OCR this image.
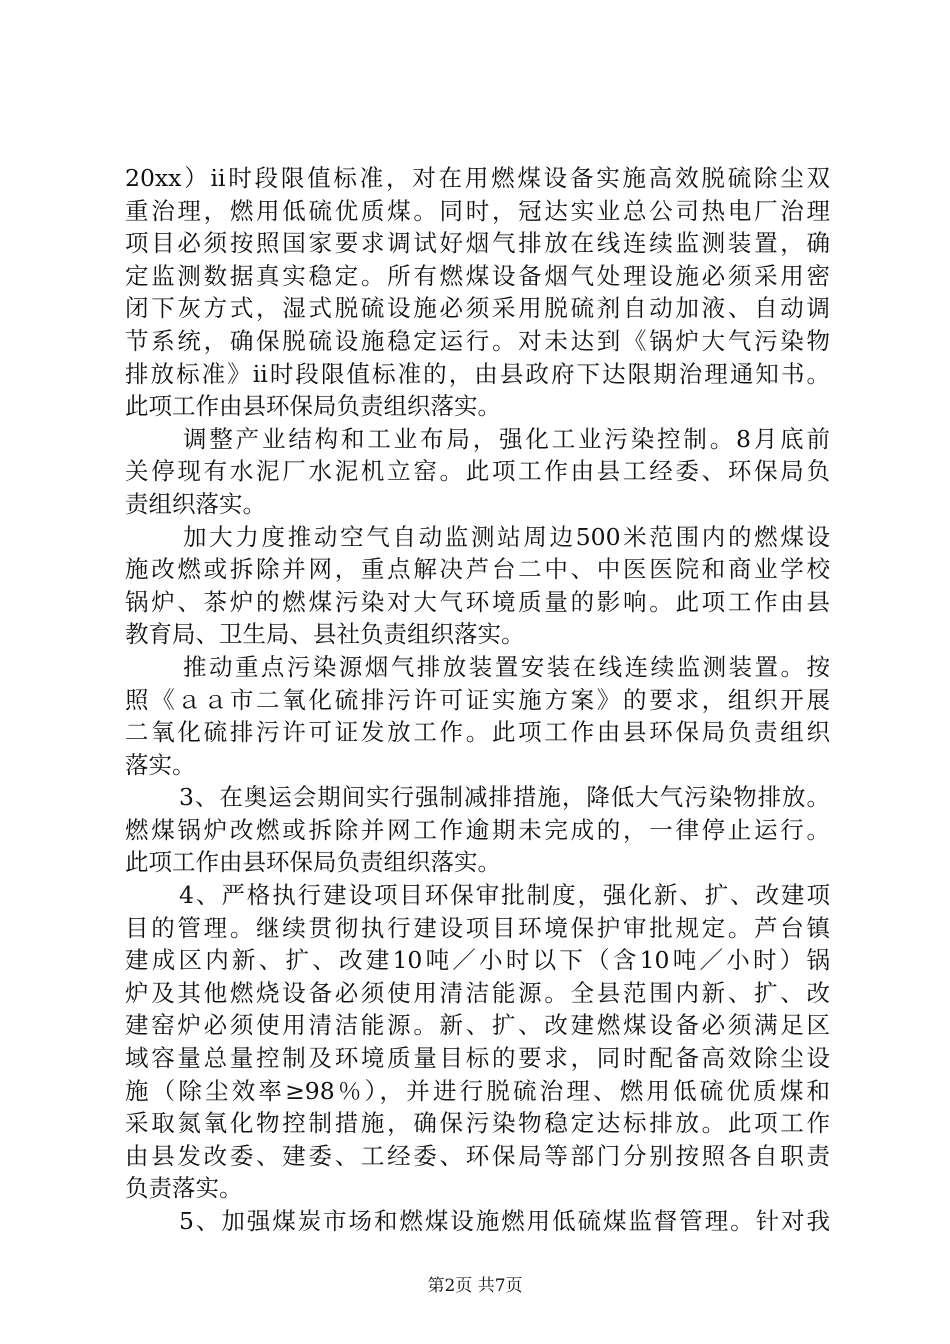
20xx）ⅱ时段限值标准，对在用燃煤设备实施高效脱硫除尘双
重治理，燃用低硫优质煤。同时，冠达实业总公司热电厂治理
项目必须按照国家要求调试好烟气排放在线连续监测装置，确
定监测数据真实稳定。所有燃煤设备烟气处理设施必须采用密
闭下灰方式，湿式脱硫设施必须采用脱硫剂自动加液、自动调
节系统，确保脱硫设施稳定运行。对未达到《锅炉大气污染物
排放标准》ⅱ时段限值标准的，由县政府下达限期治理通知书。
此项工作由县环保局负责组织落实。
调整产业结构和工业布局，强化工业污染控制。8月底前
关停现有水泥厂水泥机立窑。此项工作由县工经委、环保局负
责组织落实。
加大力度推动空气自动监测站周边500米范围内的燃煤设
施改燃或拆除并网，重点解决芦台二中、中医医院和商业学校
锅炉、茶炉的燃煤污染对大气环境质量的影响。此项工作由县
教育局、卫生局、县社负责组织落实。
推动重点污染源烟气排放装置安装在线连续监测装置。按
照《ａａ市二氧化硫排污许可证实施方案》的要求，组织开展
二氧化硫排污许可证发放工作。此项工作由县环保局负责组织
落实。
3、在奥运会期间实行强制减排措施，降低大气污染物排放。
燃煤锅炉改燃或拆除并网工作逾期未完成的，一律停止运行。
此项工作由县环保局负责组织落实。
4、严格执行建设项目环保审批制度，强化新、扩、改建项
目的管理。继续贯彻执行建设项目环境保护审批规定。芦台镇
建成区内新、扩、改建10吨／小时以下（含10吨／小时）锅
炉及其他燃烧设备必须使用清洁能源。全县范围内新、扩、改
建窑炉必须使用清洁能源。新、扩、改建燃煤设备必须满足区
域容量总量控制及环境质量目标的要求，同时配备高效除尘设
施（除尘效率≥98％），并进行脱硫治理、燃用低硫优质煤和
采取氮氧化物控制措施，确保污染物稳定达标排放。此项工作
由县发改委、建委、工经委、环保局等部门分别按照各自职责
负责落实。
5、加强煤炭市场和燃煤设施燃用低硫煤监督管理。针对我
第2页 共7页
